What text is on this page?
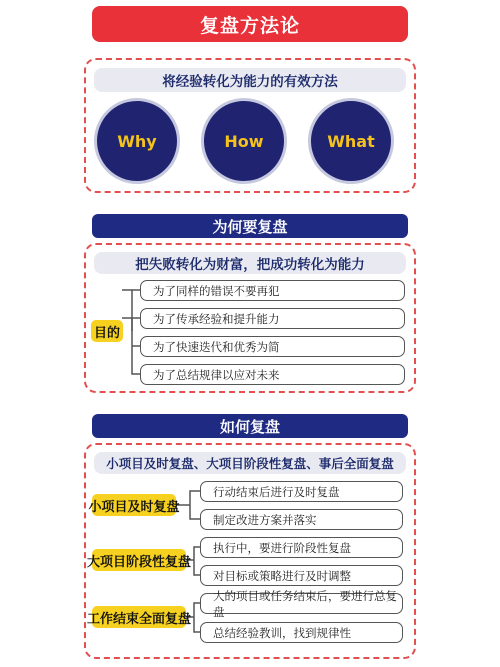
复盘方法论
将经验转化为能力的有效方法
Why	How	What
为何要复盘
把失败转化为财富，把成功转化为能力
目的
为了同样的错误不要再犯
为了传承经验和提升能力
为了快速迭代和优秀为简
为了总结规律以应对未来
如何复盘
小项目及时复盘、大项目阶段性复盘、事后全面复盘
小项目及时复盘
行动结束后进行及时复盘
制定改进方案并落实
大项目阶段性复盘
执行中，要进行阶段性复盘
对目标或策略进行及时调整
工作结束全面复盘
大的项目或任务结束后，要进行总复盘
总结经验教训，找到规律性
